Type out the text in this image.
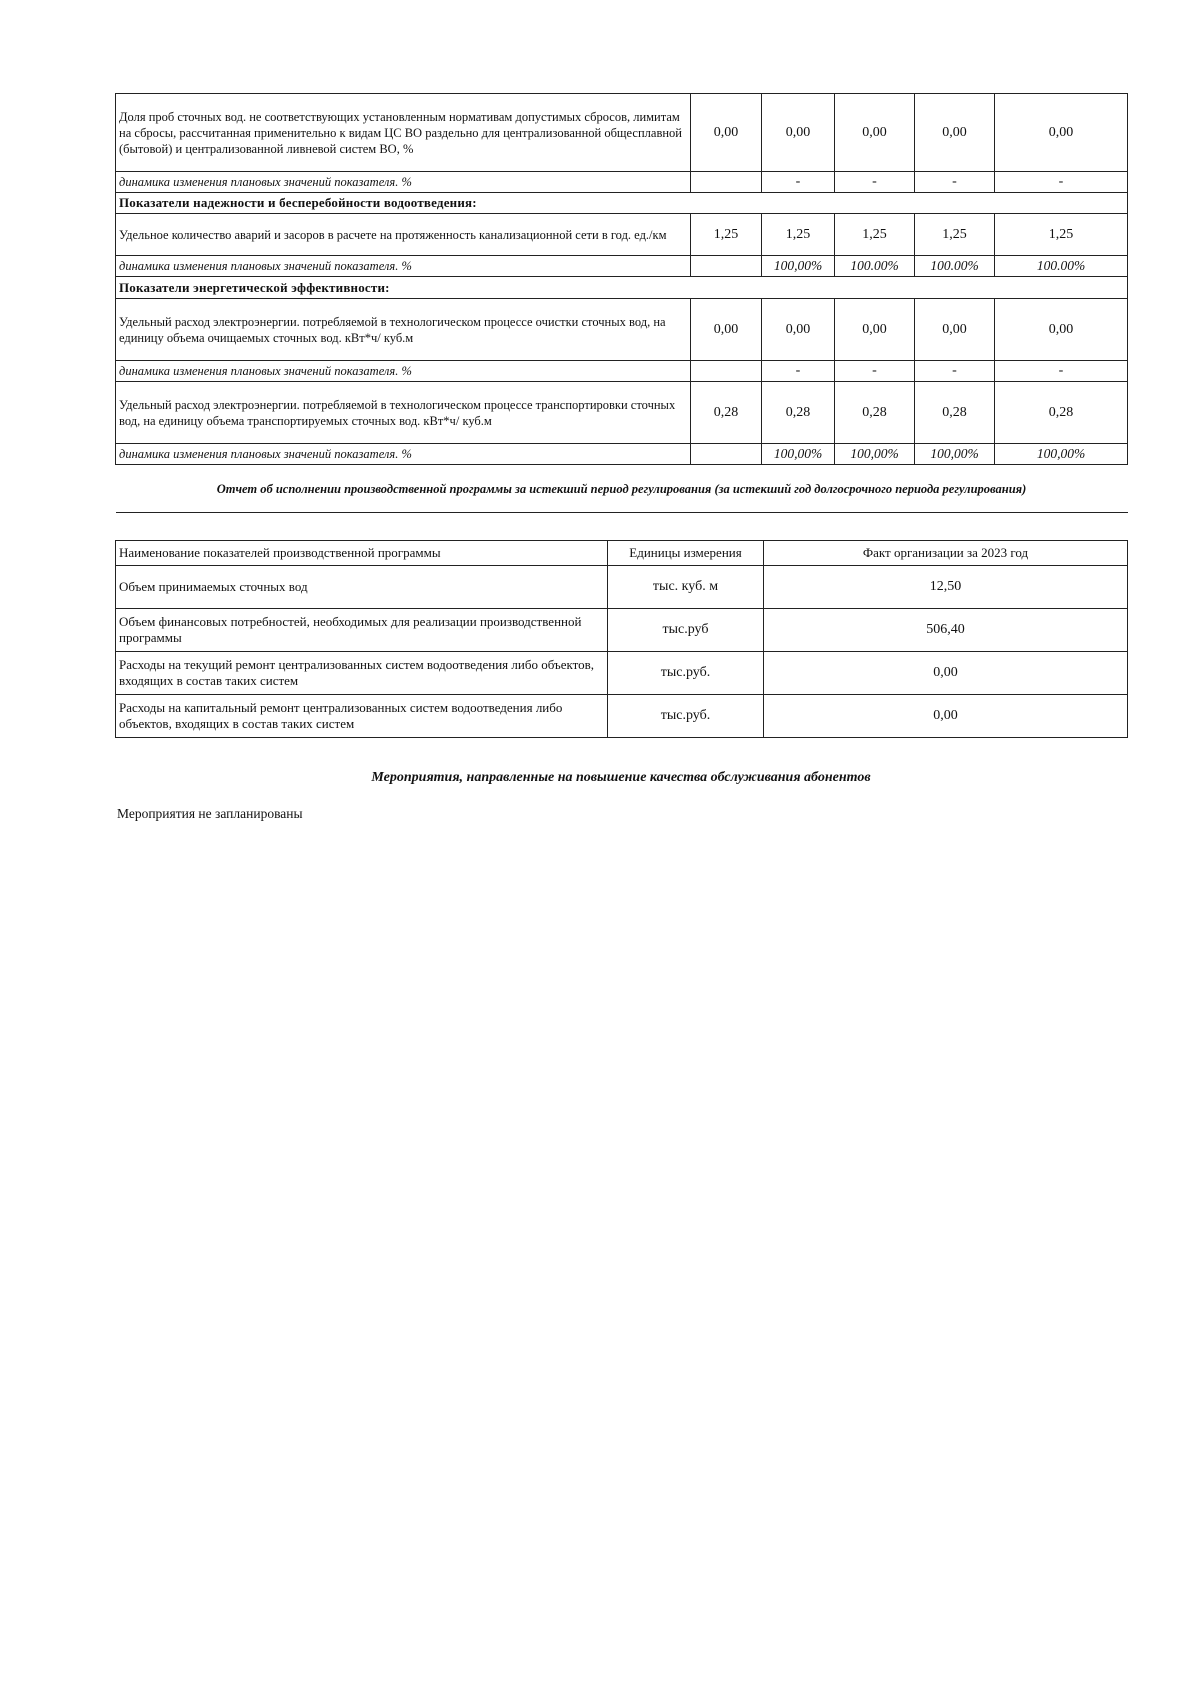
Доля проб сточных вод. не соответствующих установленным нормативам допустимых сбросов, лимитам на сбросы, рассчитанная применительно к видам ЦС ВО раздельно для централизованной общесплавной (бытовой) и централизованной ливневой систем ВО, %	0,00	0,00	0,00	0,00	0,00
динамика изменения плановых значений показателя. %		-	-	-	-
Показатели надежности и бесперебойности водоотведения:					
Удельное количество аварий и засоров в расчете на протяженность канализационной сети в год. ед./км	1,25	1,25	1,25	1,25	1,25
динамика изменения плановых значений показателя. %		100,00%	100.00%	100.00%	100.00%
Показатели энергетической эффективности:					
Удельный расход электроэнергии. потребляемой в технологическом процессе очистки сточных вод, на единицу объема очищаемых сточных вод. кВт*ч/ куб.м	0,00	0,00	0,00	0,00	0,00
динамика изменения плановых значений показателя. %		-	-	-	-
Удельный расход электроэнергии. потребляемой в технологическом процессе транспортировки сточных вод, на единицу объема транспортируемых сточных вод. кВт*ч/ куб.м	0,28	0,28	0,28	0,28	0,28
динамика изменения плановых значений показателя. %		100,00%	100,00%	100,00%	100,00%
Отчет об исполнении производственной программы за истекший период регулирования (за истекший год долгосрочного периода регулирования)					
Наименование показателей производственной программы	Единицы измерения	Факт организации за 2023 год
Объем принимаемых сточных вод	тыс. куб. м	12,50
Объем финансовых потребностей, необходимых для реализации производственной программы	тыс.руб	506,40
Расходы на текущий ремонт централизованных систем водоотведения либо объектов, входящих в состав таких систем	тыс.руб.	0,00
Расходы на капитальный ремонт централизованных систем водоотведения либо объектов, входящих в состав таких систем	тыс.руб.	0,00
Мероприятия, направленные на повышение качества обслуживания абонентов
Мероприятия не запланированы
